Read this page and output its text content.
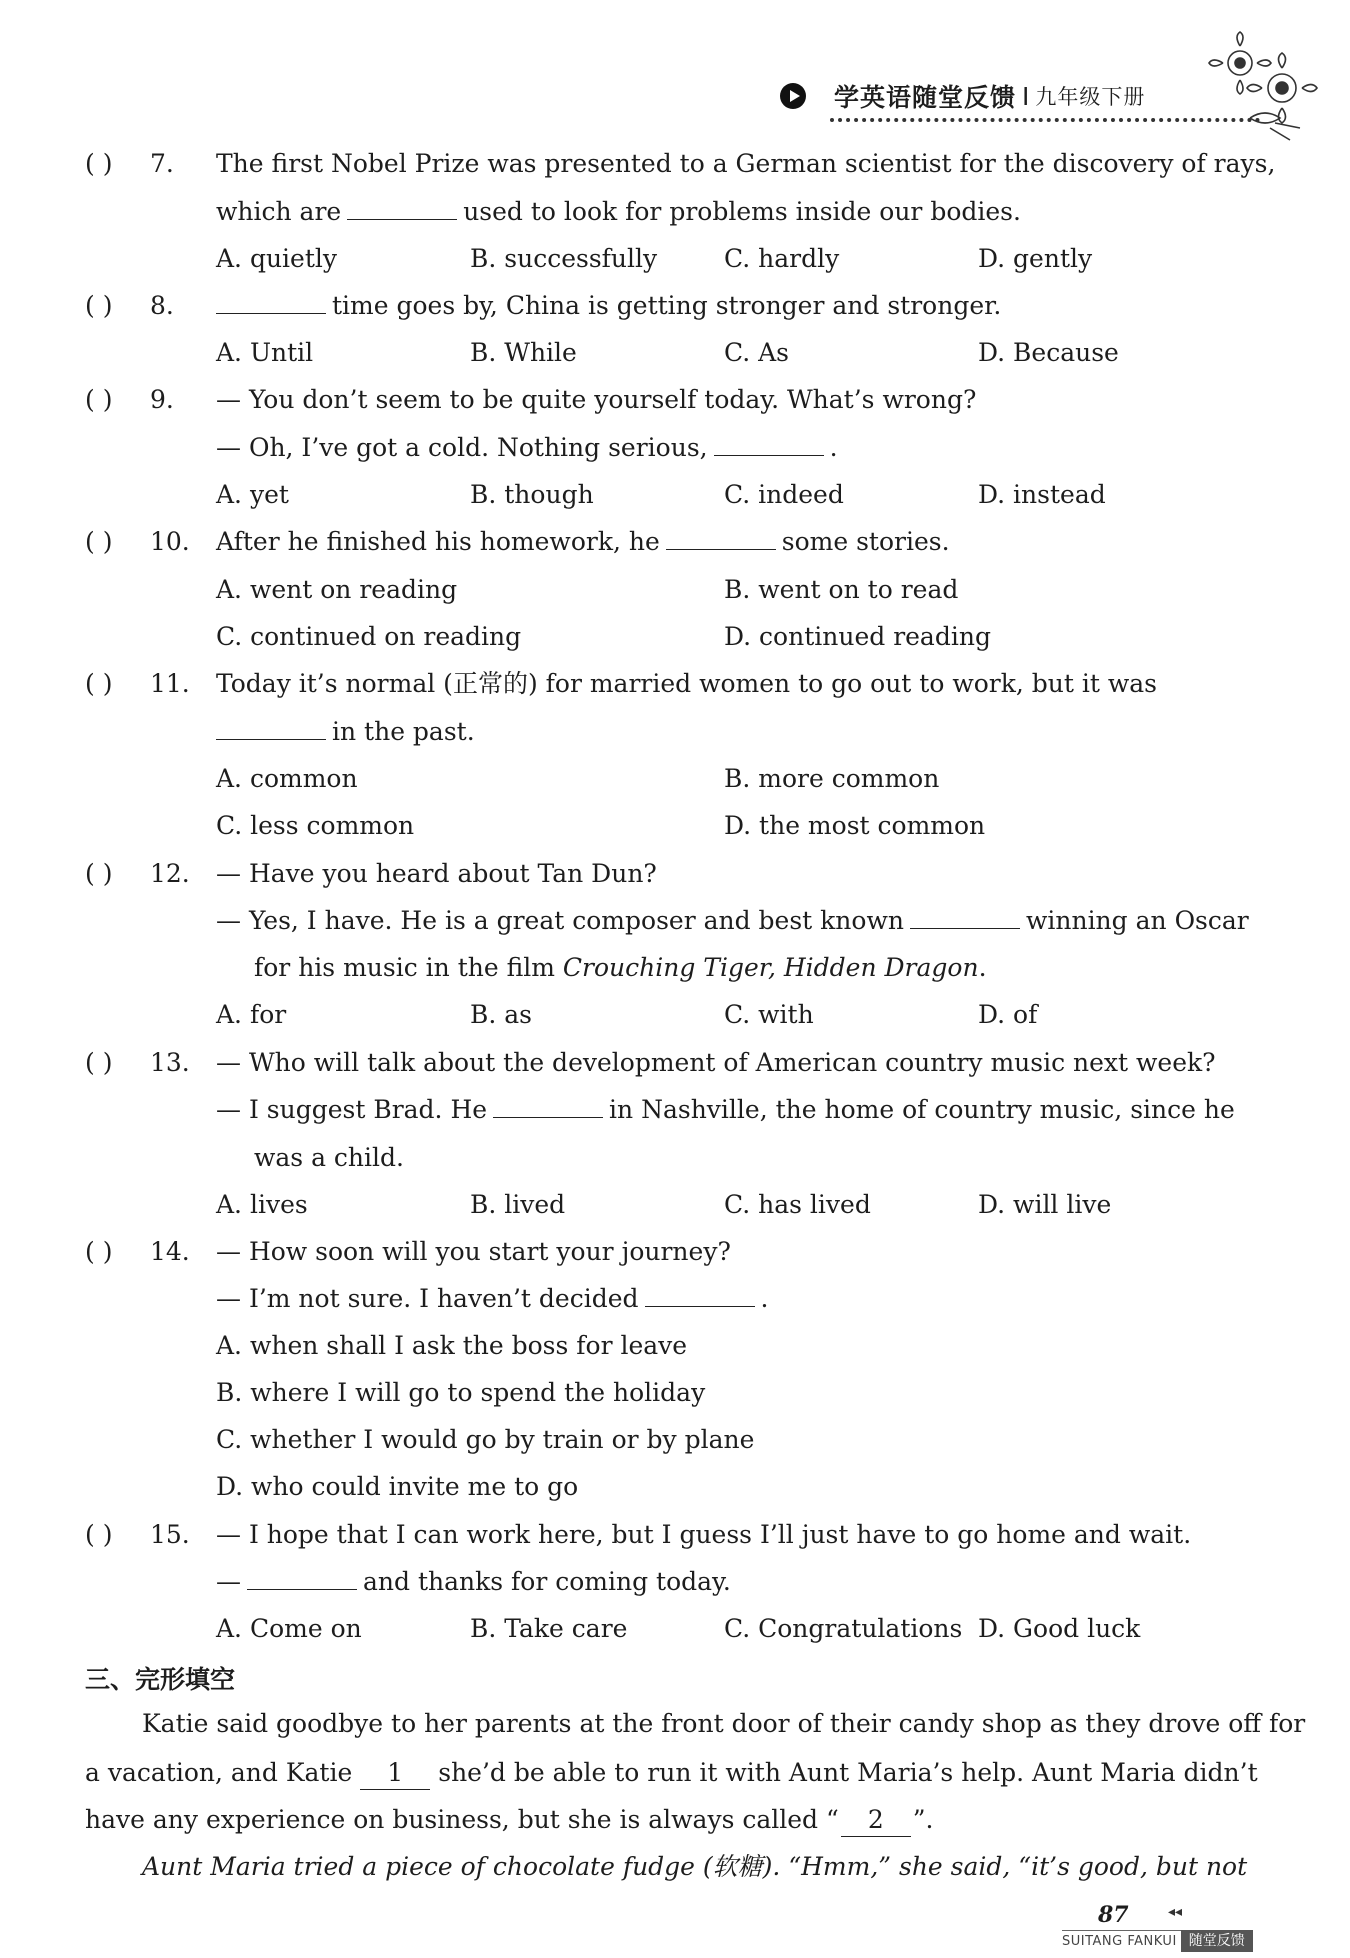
学英语随堂反馈 I 九年级下册
( ) 7. The first Nobel Prize was presented to a German scientist for the discovery of rays,
which are	used to look for problems inside our bodies.
A. quietly	B. successfully	C. hardly	D. gently
( ) 8.	time goes by, China is getting stronger and stronger.
A. Until	B. While	C. As	D. Because
( ) 9. — You don’t seem to be quite yourself today. What’s wrong?
— Oh, I’ve got a cold. Nothing serious,	.
A. yet	B. though	C. indeed	D. instead
( ) 10. After he finished his homework, he	some stories.
A. went on reading	B. went on to read
C. continued on reading	D. continued reading
( ) 11. Today it’s normal (正常的) for married women to go out to work, but it was
in the past.
A. common	B. more common
C. less common	D. the most common
( ) 12. — Have you heard about Tan Dun?
— Yes, I have. He is a great composer and best known	winning an Oscar
for his music in the film Crouching Tiger, Hidden Dragon.
A. for	B. as	C. with	D. of
( ) 13. — Who will talk about the development of American country music next week?
— I suggest Brad. He	in Nashville, the home of country music, since he
was a child.
A. lives	B. lived	C. has lived	D. will live
( ) 14. — How soon will you start your journey?
— I’m not sure. I haven’t decided	.
A. when shall I ask the boss for leave
B. where I will go to spend the holiday
C. whether I would go by train or by plane
D. who could invite me to go
( ) 15. — I hope that I can work here, but I guess I’ll just have to go home and wait.
—	and thanks for coming today.
A. Come on	B. Take care	C. Congratulations D. Good luck
三、完形填空
Katie said goodbye to her parents at the front door of their candy shop as they drove off for
a vacation, and Katie 1 she’d be able to run it with Aunt Maria’s help. Aunt Maria didn’t
have any experience on business, but she is always called “ 2 ”.
Aunt Maria tried a piece of chocolate fudge (软糖). “Hmm,” she said, “it’s good, but not
87	◂◂
SUITANG FANKUI 随堂反馈
